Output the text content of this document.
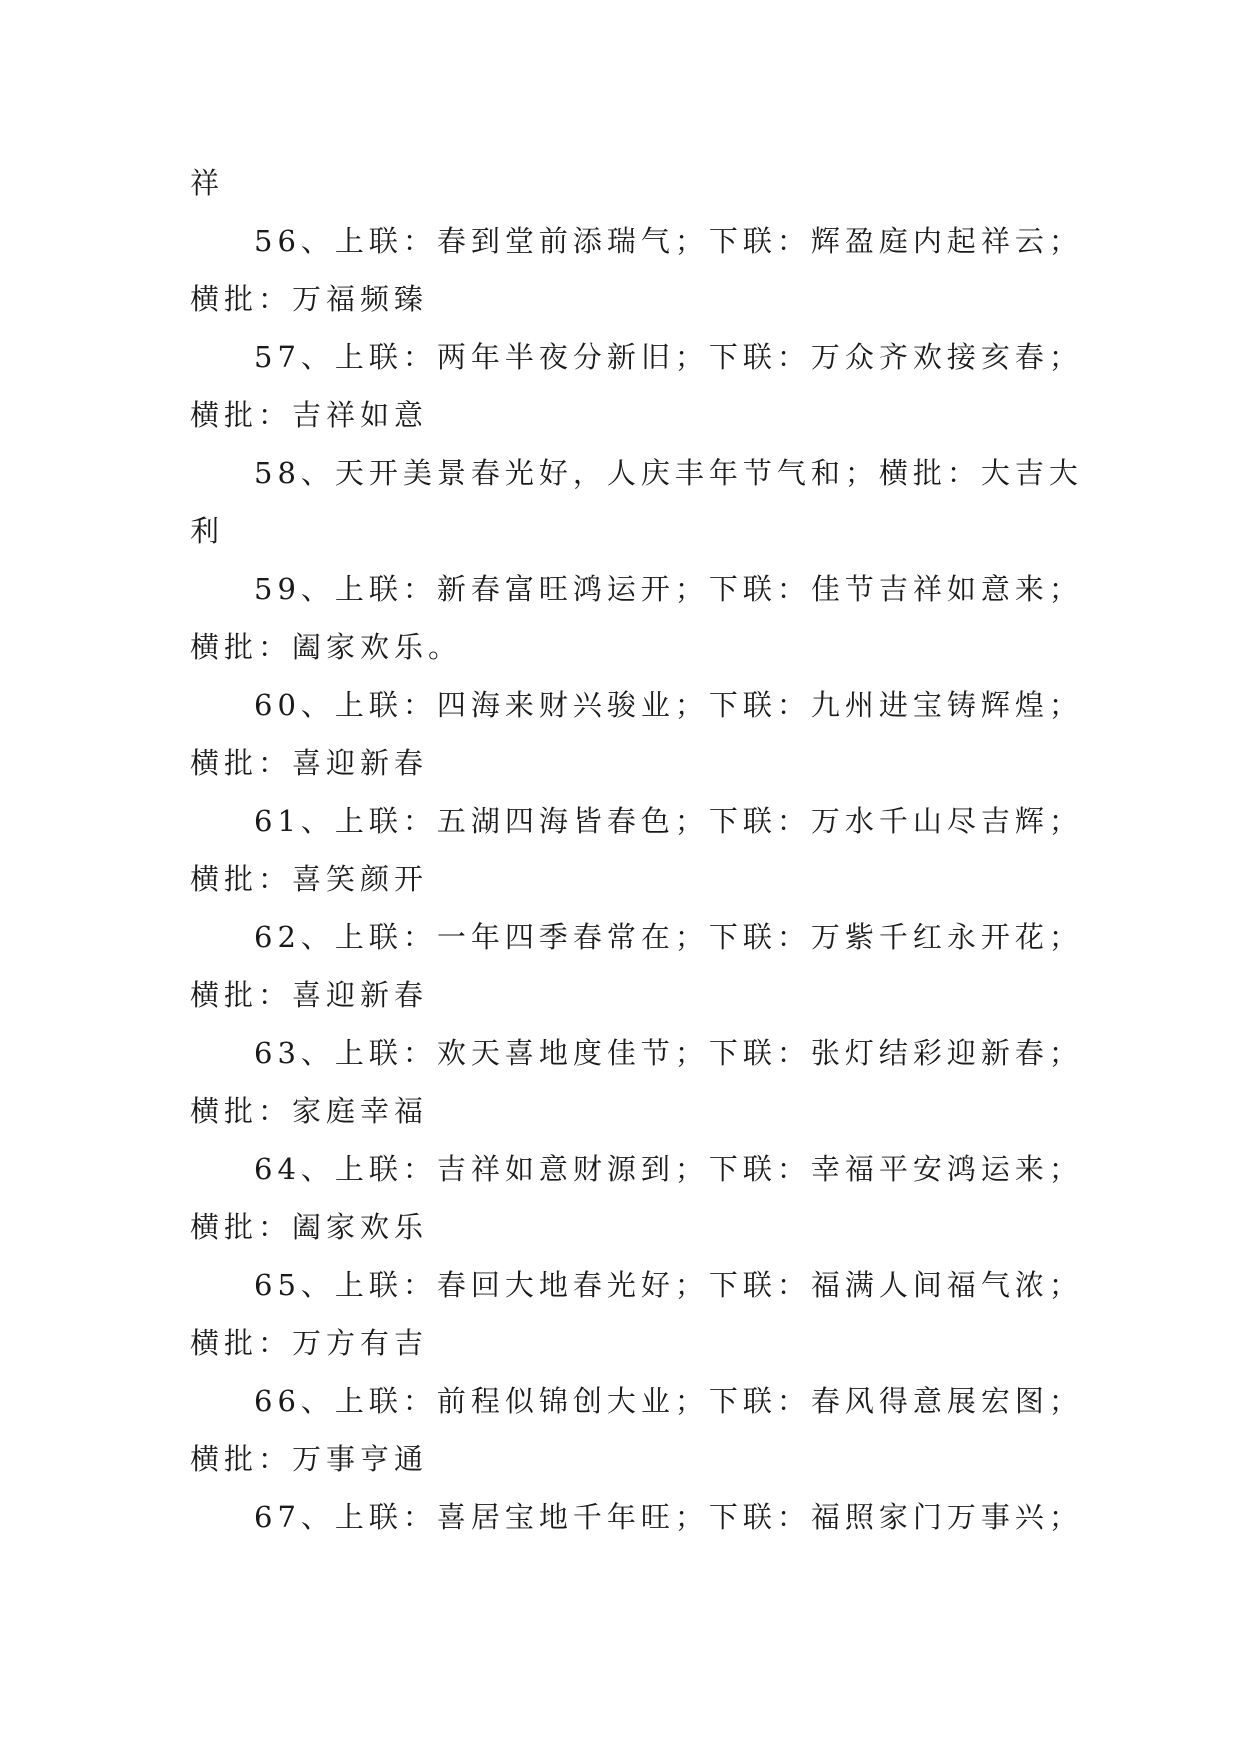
祥
56、上联：春到堂前添瑞气；下联：辉盈庭内起祥云；
横批：万福频臻
57、上联：两年半夜分新旧；下联：万众齐欢接亥春；
横批：吉祥如意
58、天开美景春光好，人庆丰年节气和；横批：大吉大
利
59、上联：新春富旺鸿运开；下联：佳节吉祥如意来；
横批：阖家欢乐。
60、上联：四海来财兴骏业；下联：九州进宝铸辉煌；
横批：喜迎新春
61、上联：五湖四海皆春色；下联：万水千山尽吉辉；
横批：喜笑颜开
62、上联：一年四季春常在；下联：万紫千红永开花；
横批：喜迎新春
63、上联：欢天喜地度佳节；下联：张灯结彩迎新春；
横批：家庭幸福
64、上联：吉祥如意财源到；下联：幸福平安鸿运来；
横批：阖家欢乐
65、上联：春回大地春光好；下联：福满人间福气浓；
横批：万方有吉
66、上联：前程似锦创大业；下联：春风得意展宏图；
横批：万事亨通
67、上联：喜居宝地千年旺；下联：福照家门万事兴；
